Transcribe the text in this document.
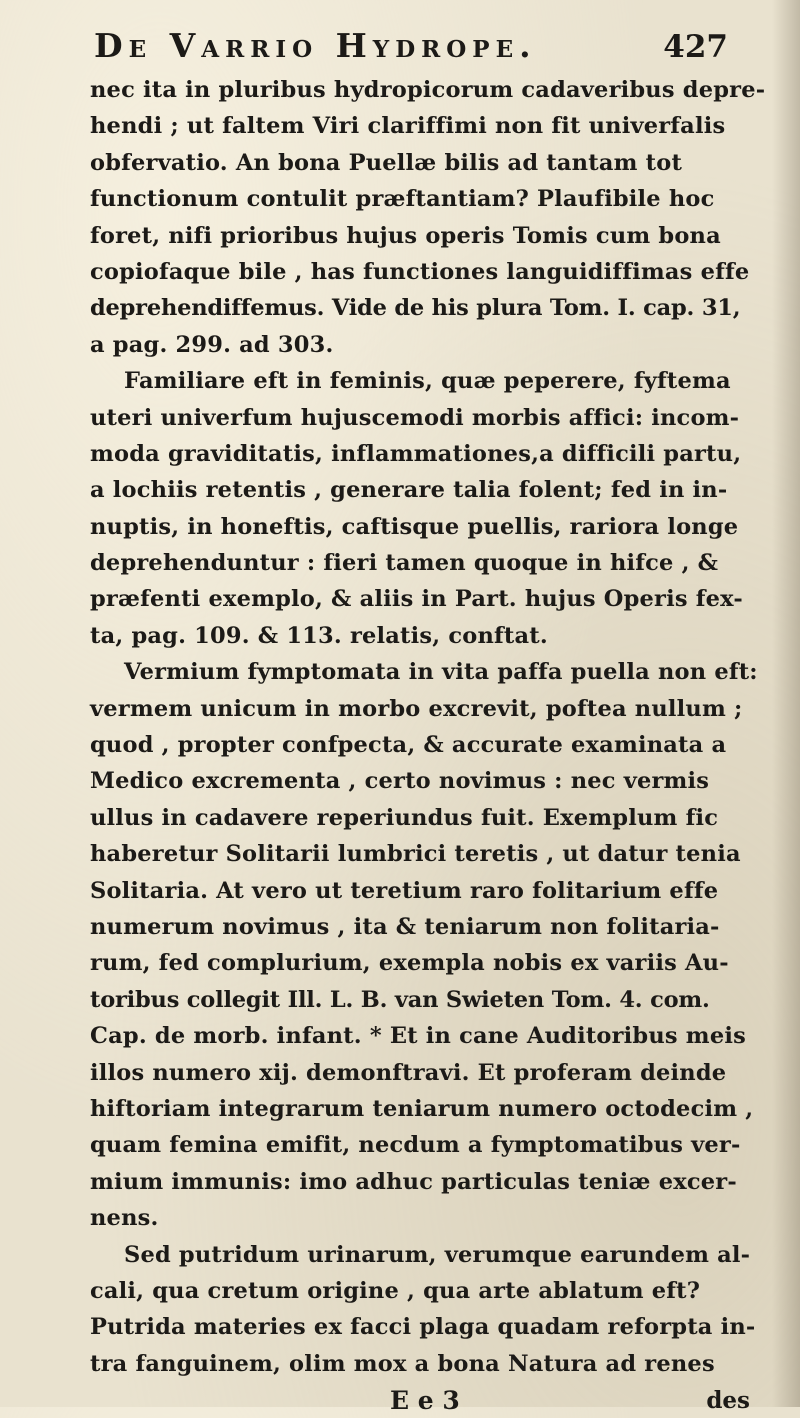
De Varrio Hydrope.	427
nec ita in pluribus hydropicorum cadaveribus depre-
hendi ; ut faltem Viri clariffimi non fit univerfalis
obfervatio. An bona Puellæ bilis ad tantam tot
functionum contulit præftantiam? Plaufibile hoc
foret, nifi prioribus hujus operis Tomis cum bona
copiofaque bile , has functiones languidiffimas effe
deprehendiffemus. Vide de his plura Tom. I. cap. 31,
a pag. 299. ad 303.
Familiare eft in feminis, quæ peperere, fyftema
uteri univerfum hujuscemodi morbis affici: incom-
moda graviditatis, inflammationes,a difficili partu,
a lochiis retentis , generare talia folent; fed in in-
nuptis, in honeftis, caftisque puellis, rariora longe
deprehenduntur : fieri tamen quoque in hifce , &
præfenti exemplo, & aliis in Part. hujus Operis fex-
ta, pag. 109. & 113. relatis, conftat.
Vermium fymptomata in vita paffa puella non eft:
vermem unicum in morbo excrevit, poftea nullum ;
quod , propter confpecta, & accurate examinata a
Medico excrementa , certo novimus : nec vermis
ullus in cadavere reperiundus fuit. Exemplum fic
haberetur Solitarii lumbrici teretis , ut datur tenia
Solitaria. At vero ut teretium raro folitarium effe
numerum novimus , ita & teniarum non folitaria-
rum, fed complurium, exempla nobis ex variis Au-
toribus collegit Ill. L. B. van Swieten Tom. 4. com.
Cap. de morb. infant. * Et in cane Auditoribus meis
illos numero xij. demonftravi. Et proferam deinde
hiftoriam integrarum teniarum numero octodecim ,
quam femina emifit, necdum a fymptomatibus ver-
mium immunis: imo adhuc particulas teniæ excer-
nens.
Sed putridum urinarum, verumque earundem al-
cali, qua cretum origine , qua arte ablatum eft?
Putrida materies ex facci plaga quadam reforpta in-
tra fanguinem, olim mox a bona Natura ad renes
E e 3	des
